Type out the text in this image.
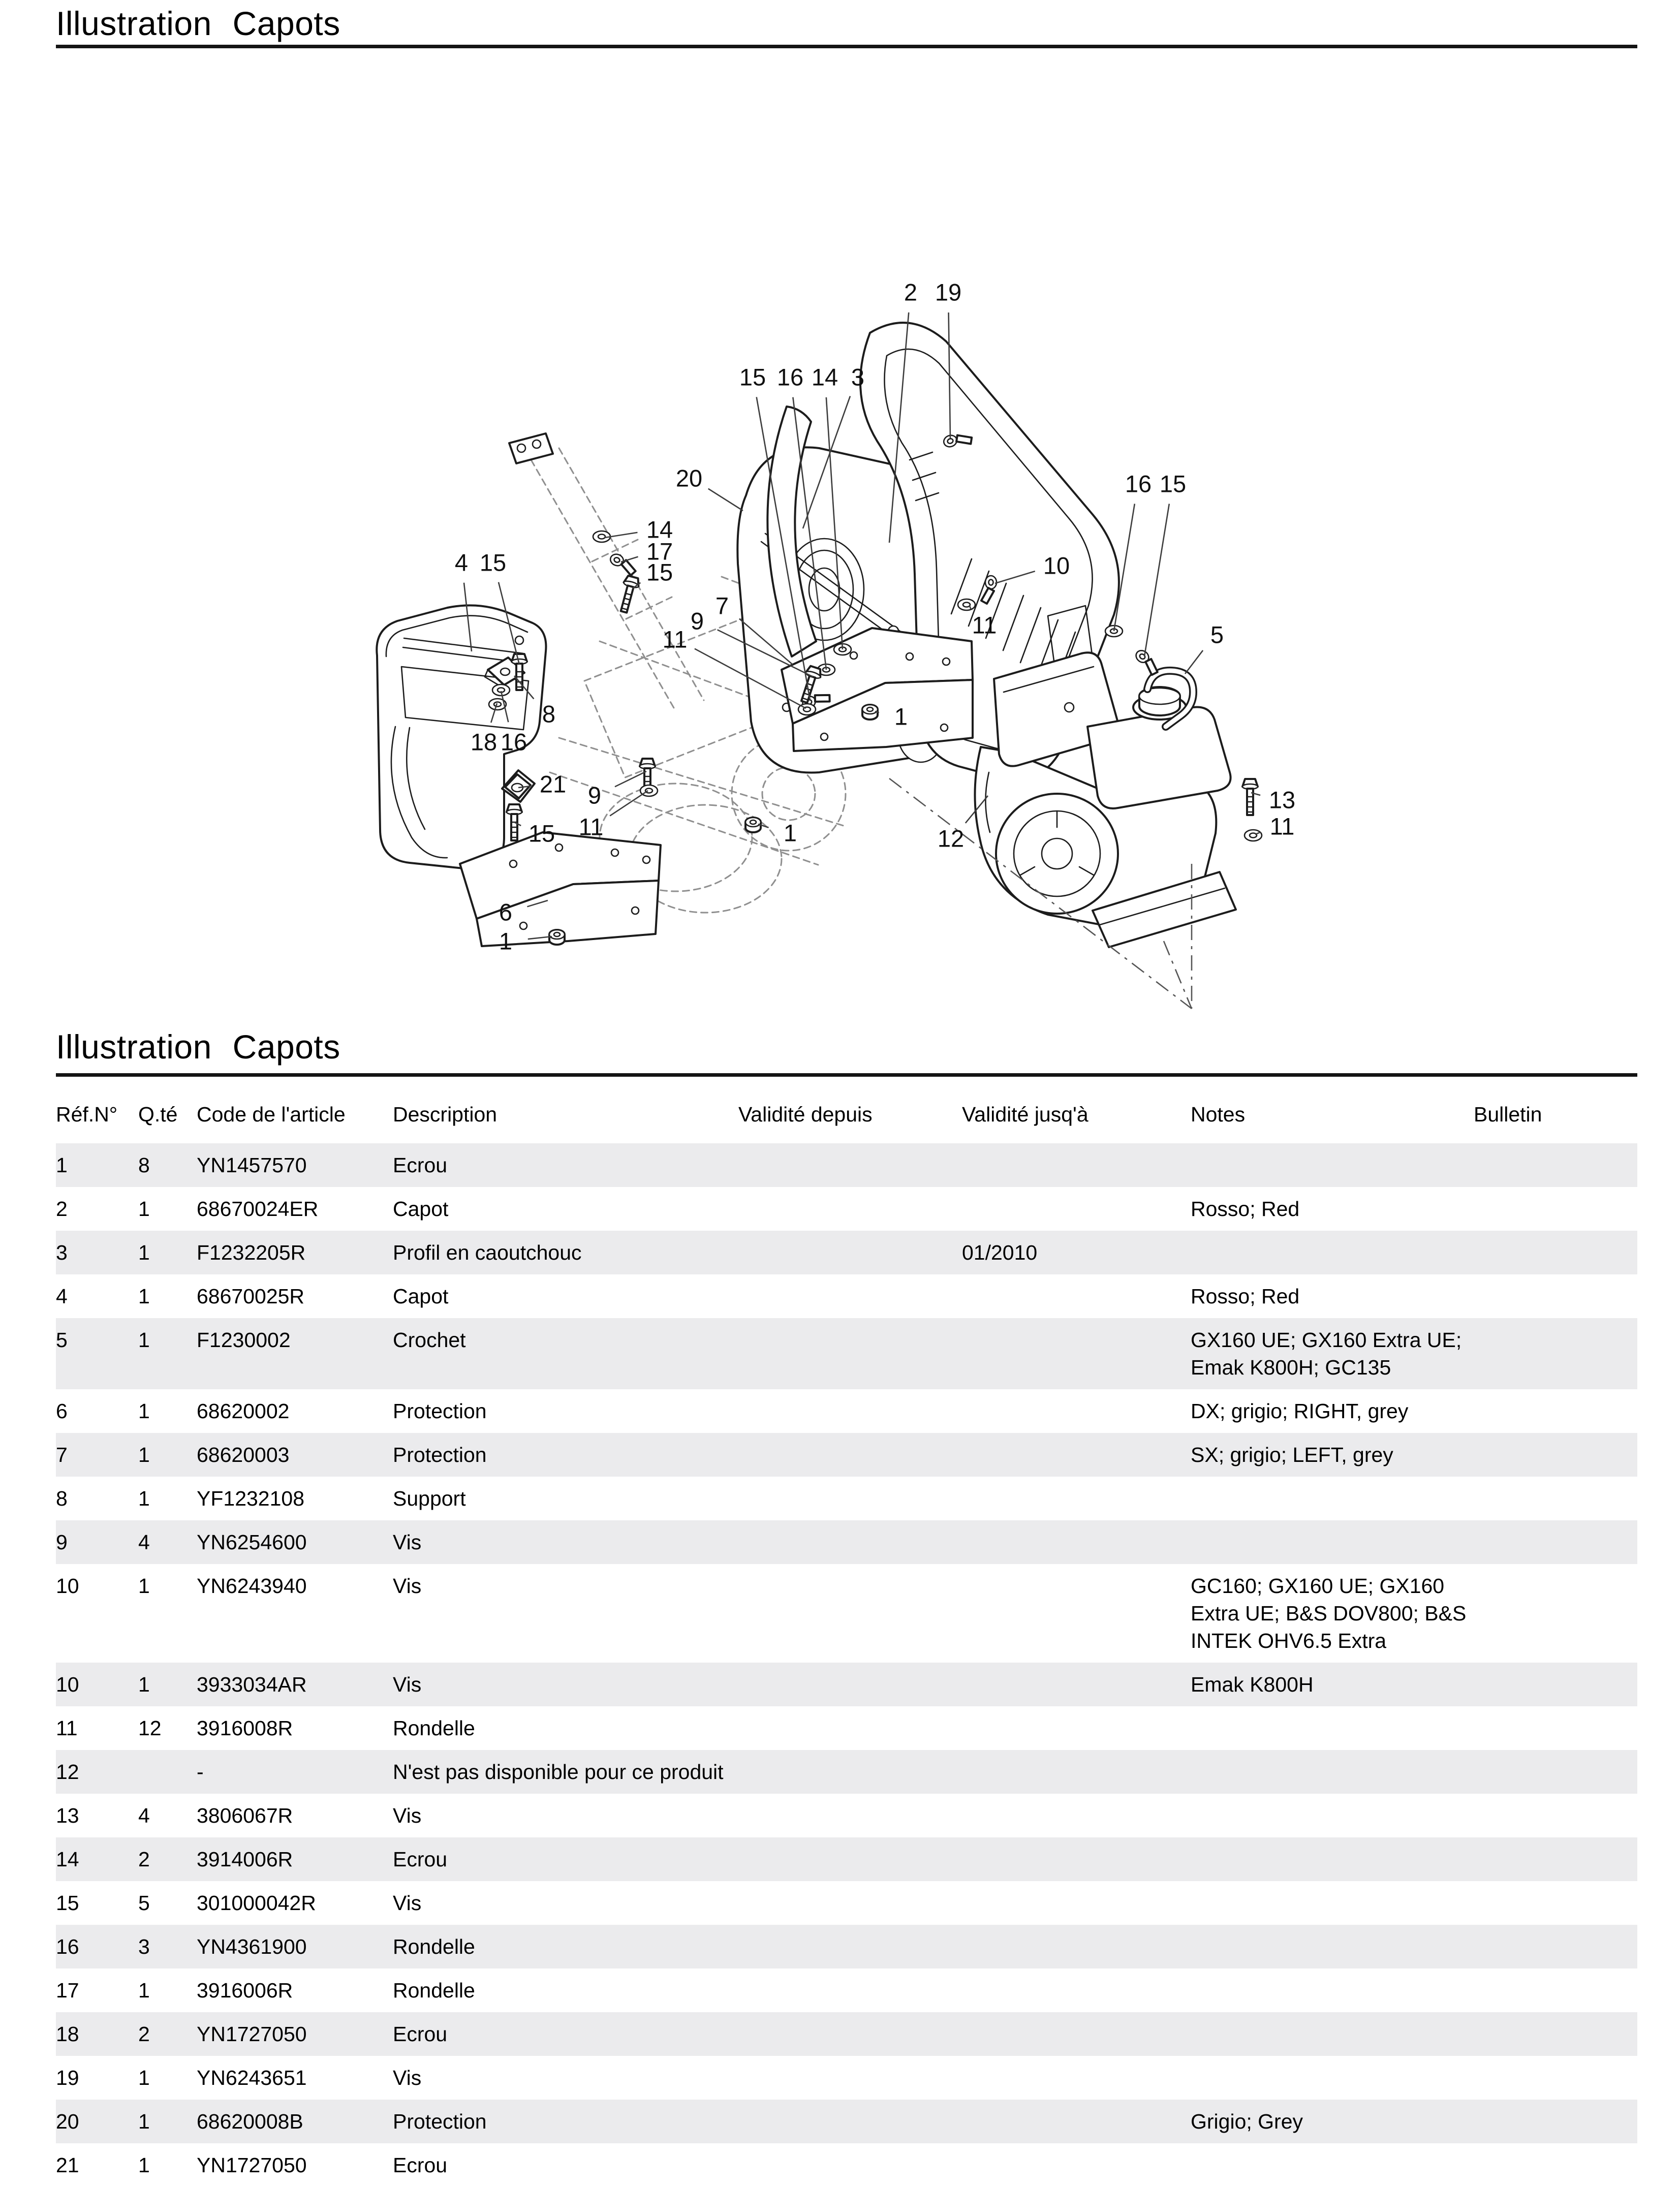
Illustration Capots
2 19
15 16 14 3
20	16 15
14
17
15
4 15	10
11	5
7
9
11
1
8
18 16
21 9
11
15
13
11
1	12
6
1
Illustration Capots
Réf.N°	Q.té	Code de l'article	Description	Validité depuis	Validité jusq'à	Notes	Bulletin
1	8	YN1457570	Ecrou				
2	1	68670024ER	Capot			Rosso; Red	
3	1	F1232205R	Profil en caoutchouc		01/2010		
4	1	68670025R	Capot			Rosso; Red	
5	1	F1230002	Crochet			GX160 UE; GX160 Extra UE; Emak K800H; GC135	
6	1	68620002	Protection			DX; grigio; RIGHT, grey	
7	1	68620003	Protection			SX; grigio; LEFT, grey	
8	1	YF1232108	Support				
9	4	YN6254600	Vis				
10	1	YN6243940	Vis			GC160; GX160 UE; GX160 Extra UE; B&S DOV800; B&S INTEK OHV6.5 Extra	
10	1	3933034AR	Vis			Emak K800H	
11	12	3916008R	Rondelle				
12		-	N'est pas disponible pour ce produit				
13	4	3806067R	Vis				
14	2	3914006R	Ecrou				
15	5	301000042R	Vis				
16	3	YN4361900	Rondelle				
17	1	3916006R	Rondelle				
18	2	YN1727050	Ecrou				
19	1	YN6243651	Vis				
20	1	68620008B	Protection			Grigio; Grey	
21	1	YN1727050	Ecrou				
